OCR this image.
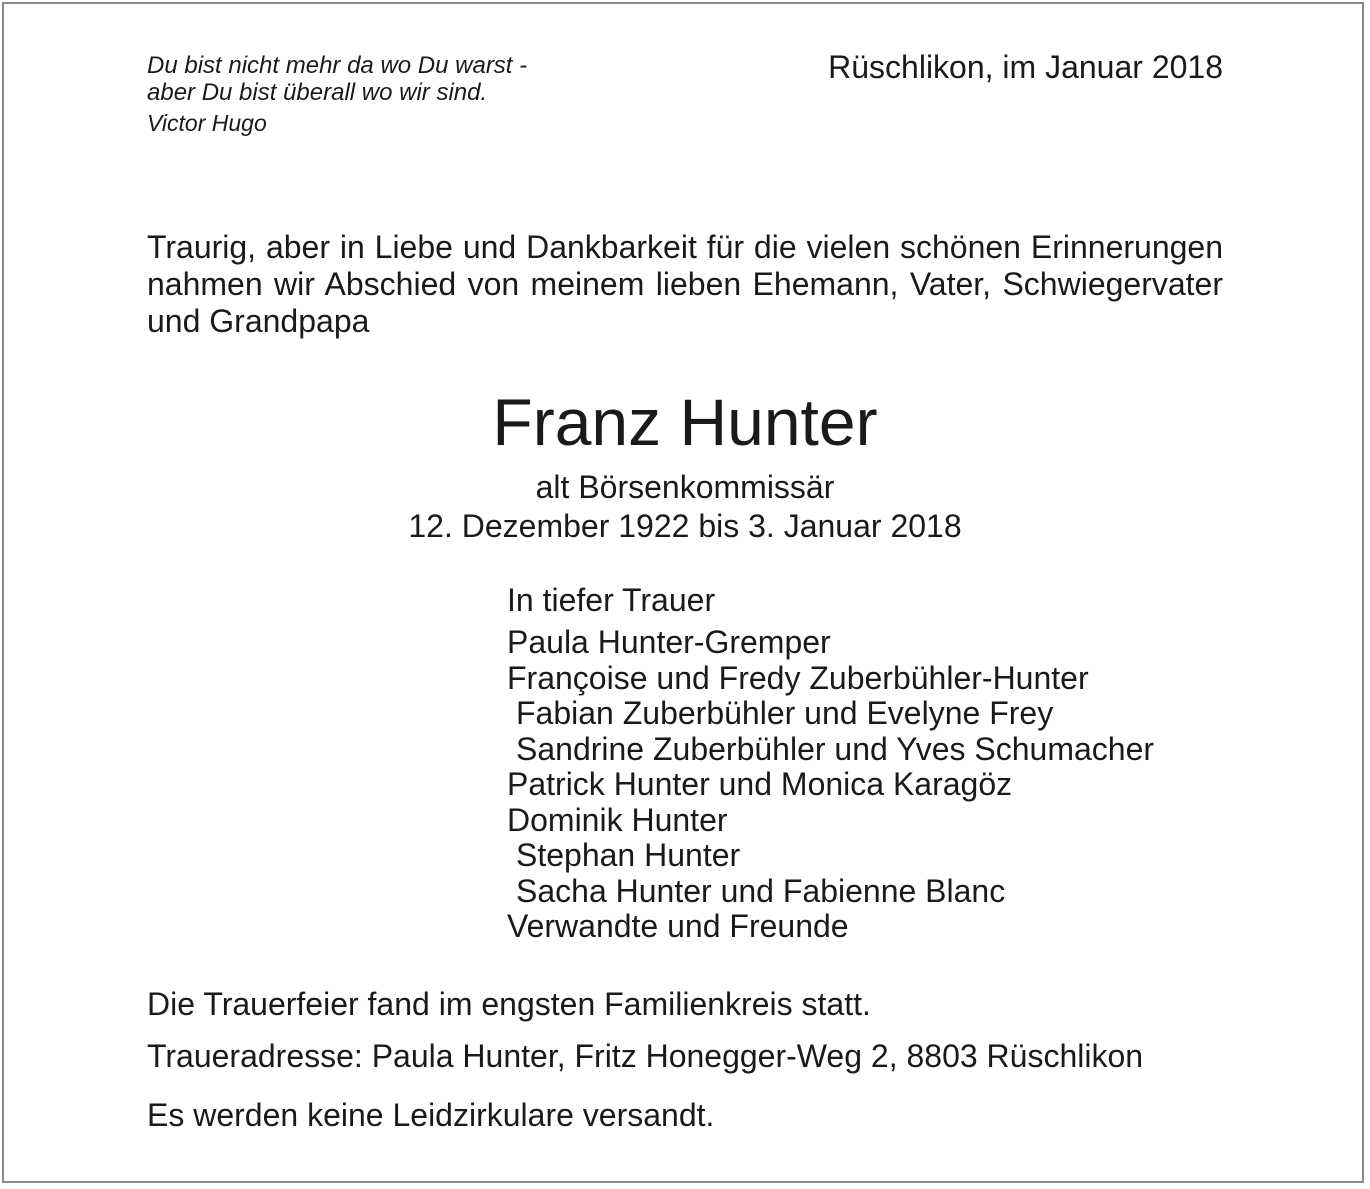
Du bist nicht mehr da wo Du warst -
aber Du bist überall wo wir sind.
Victor Hugo
Rüschlikon, im Januar 2018
Traurig, aber in Liebe und Dankbarkeit für die vielen schönen Erinnerungen nahmen wir Abschied von meinem lieben Ehemann, Vater, Schwiegervater und Grandpapa
Franz Hunter
alt Börsenkommissär
12. Dezember 1922 bis 3. Januar 2018
In tiefer Trauer
Paula Hunter-Gremper
Françoise und Fredy Zuberbühler-Hunter
Fabian Zuberbühler und Evelyne Frey
Sandrine Zuberbühler und Yves Schumacher
Patrick Hunter und Monica Karagöz
Dominik Hunter
Stephan Hunter
Sacha Hunter und Fabienne Blanc
Verwandte und Freunde
Die Trauerfeier fand im engsten Familienkreis statt.
Traueradresse: Paula Hunter, Fritz Honegger-Weg 2, 8803 Rüschlikon
Es werden keine Leidzirkulare versandt.
